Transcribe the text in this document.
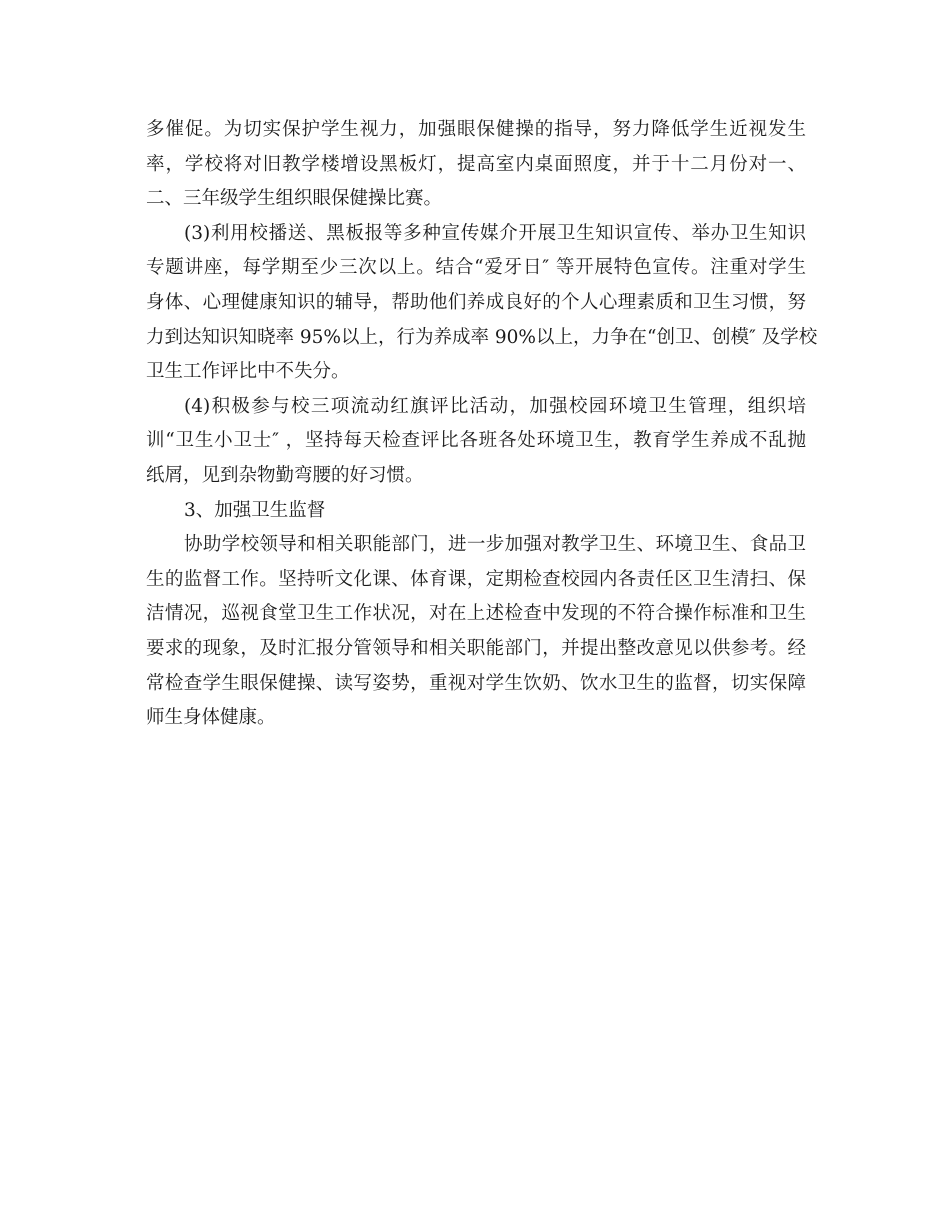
多催促。为切实保护学生视力，加强眼保健操的指导，努力降低学生近视发生
率，学校将对旧教学楼增设黑板灯，提高室内桌面照度，并于十二月份对一、
二、三年级学生组织眼保健操比赛。
(3)利用校播送、黑板报等多种宣传媒介开展卫生知识宣传、举办卫生知识
专题讲座，每学期至少三次以上。结合“爱牙日″ 等开展特色宣传。注重对学生
身体、心理健康知识的辅导，帮助他们养成良好的个人心理素质和卫生习惯，努
力到达知识知晓率 95%以上，行为养成率 90%以上，力争在“创卫、创模″ 及学校
卫生工作评比中不失分。
(4)积极参与校三项流动红旗评比活动，加强校园环境卫生管理，组织培
训“卫生小卫士″ ，坚持每天检查评比各班各处环境卫生，教育学生养成不乱抛
纸屑，见到杂物勤弯腰的好习惯。
3、加强卫生监督
协助学校领导和相关职能部门，进一步加强对教学卫生、环境卫生、食品卫
生的监督工作。坚持听文化课、体育课，定期检查校园内各责任区卫生清扫、保
洁情况，巡视食堂卫生工作状况，对在上述检查中发现的不符合操作标准和卫生
要求的现象，及时汇报分管领导和相关职能部门，并提出整改意见以供参考。经
常检查学生眼保健操、读写姿势，重视对学生饮奶、饮水卫生的监督，切实保障
师生身体健康。
